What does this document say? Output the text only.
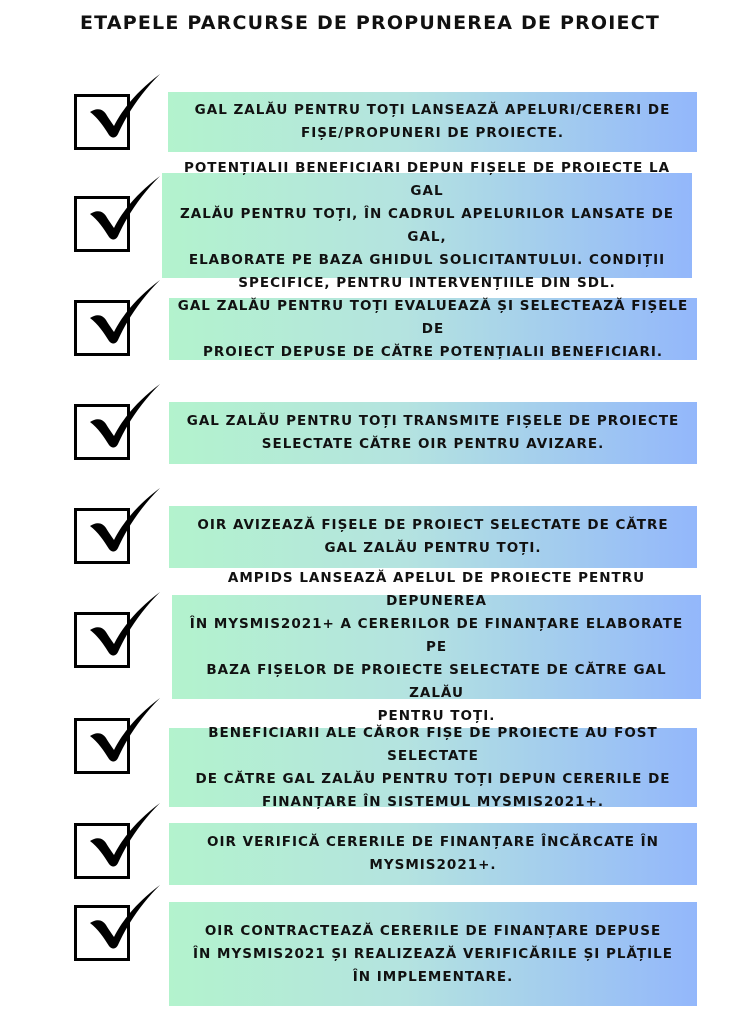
ETAPELE PARCURSE DE PROPUNEREA DE PROIECT
GAL ZALĂU PENTRU TOȚI LANSEAZĂ APELURI/CERERI DE
FIȘE/PROPUNERI DE PROIECTE.
POTENȚIALII BENEFICIARI DEPUN FIȘELE DE PROIECTE LA GAL
ZALĂU PENTRU TOȚI, ÎN CADRUL APELURILOR LANSATE DE GAL,
ELABORATE PE BAZA GHIDUL SOLICITANTULUI. CONDIȚII
SPECIFICE, PENTRU INTERVENȚIILE DIN SDL.
GAL ZALĂU PENTRU TOȚI EVALUEAZĂ ȘI SELECTEAZĂ FIȘELE DE
PROIECT DEPUSE DE CĂTRE POTENȚIALII BENEFICIARI.
GAL ZALĂU PENTRU TOȚI TRANSMITE FIȘELE DE PROIECTE
SELECTATE CĂTRE OIR PENTRU AVIZARE.
OIR AVIZEAZĂ FIȘELE DE PROIECT SELECTATE DE CĂTRE
GAL ZALĂU PENTRU TOȚI.
AMPIDS LANSEAZĂ APELUL DE PROIECTE PENTRU DEPUNEREA
ÎN MYSMIS2021+ A CERERILOR DE FINANȚARE ELABORATE PE
BAZA FIȘELOR DE PROIECTE SELECTATE DE CĂTRE GAL ZALĂU
PENTRU TOȚI.
BENEFICIARII ALE CĂROR FIȘE DE PROIECTE AU FOST SELECTATE
DE CĂTRE GAL ZALĂU PENTRU TOȚI DEPUN CERERILE DE
FINANȚARE ÎN SISTEMUL MYSMIS2021+.
OIR VERIFICĂ CERERILE DE FINANȚARE ÎNCĂRCATE ÎN
MYSMIS2021+.
OIR CONTRACTEAZĂ CERERILE DE FINANȚARE DEPUSE
ÎN MYSMIS2021 ȘI REALIZEAZĂ VERIFICĂRILE ȘI PLĂȚILE
ÎN IMPLEMENTARE.
